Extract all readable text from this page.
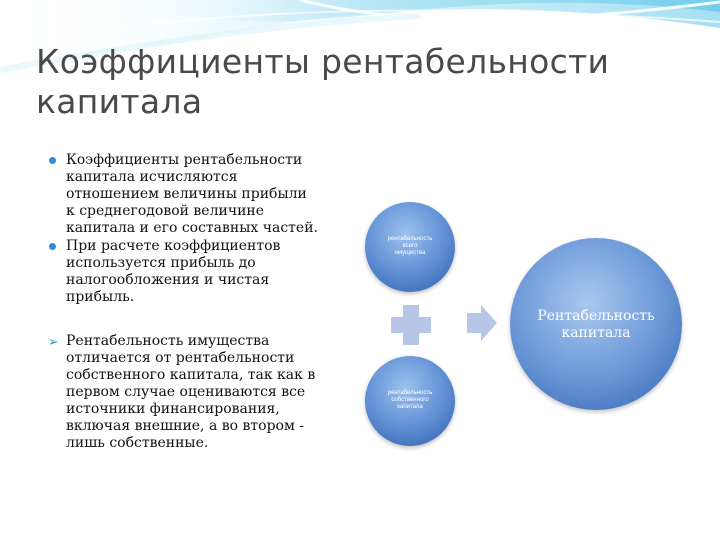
Коэффициенты рентабельности
капитала
Коэффициенты рентабельности
капитала исчисляются
отношением величины прибыли
к среднегодовой величине
капитала и его составных частей.
При расчете коэффициентов
используется прибыль до
налогообложения и чистая
прибыль.
➢ Рентабельность имущества
отличается от рентабельности
собственного капитала, так как в
первом случае оцениваются все
источники финансирования,
включая внешние, а во втором -
лишь собственные.
рентабельность
всего
имущества
рентабельность
собственного
капитала
Рентабельность
капитала
